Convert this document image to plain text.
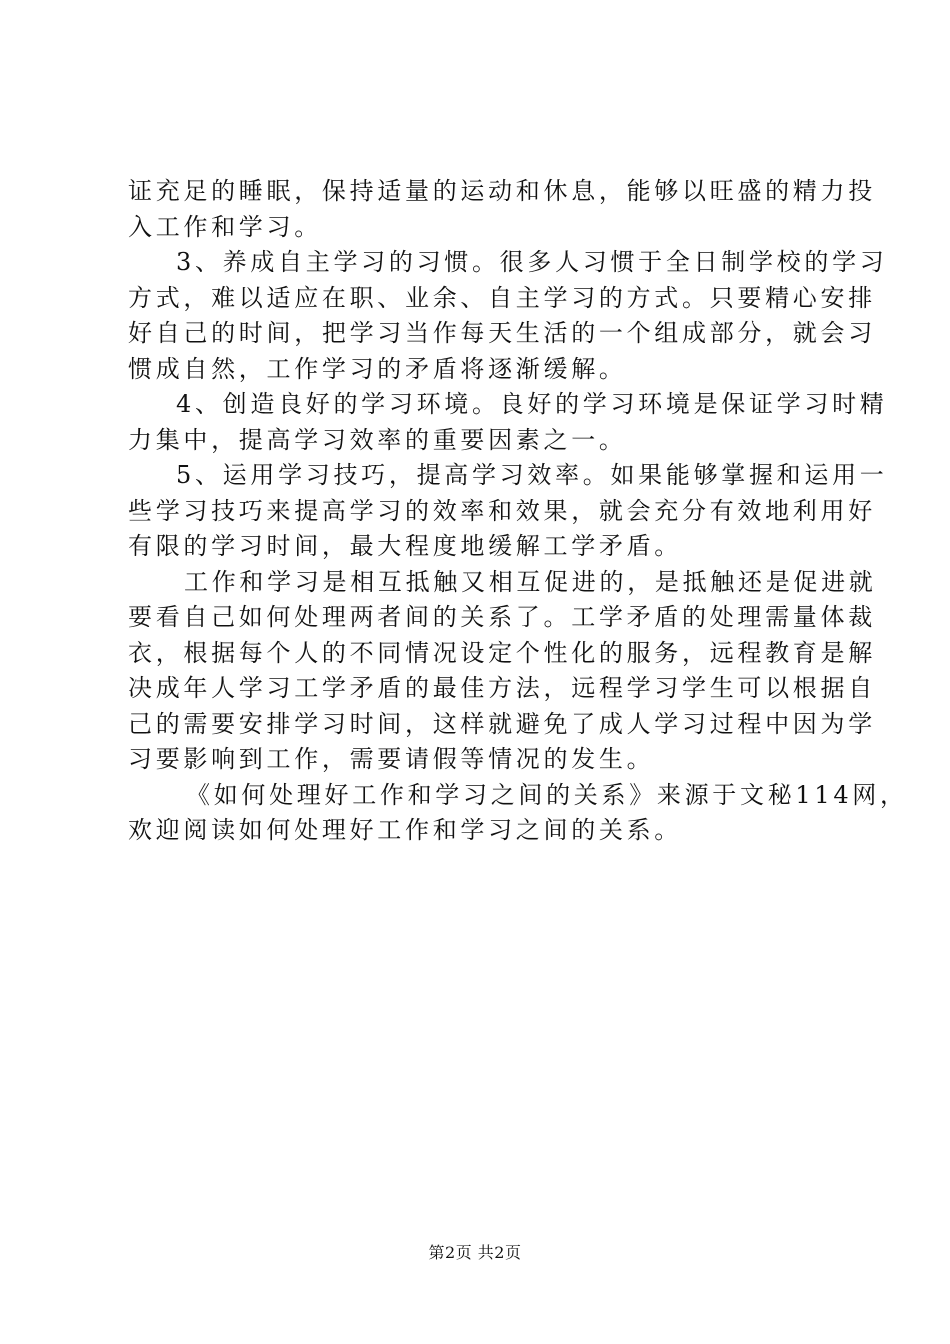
证充足的睡眠，保持适量的运动和休息，能够以旺盛的精力投
入工作和学习。
3、养成自主学习的习惯。很多人习惯于全日制学校的学习
方式，难以适应在职、业余、自主学习的方式。只要精心安排
好自己的时间，把学习当作每天生活的一个组成部分，就会习
惯成自然，工作学习的矛盾将逐渐缓解。
4、创造良好的学习环境。良好的学习环境是保证学习时精
力集中，提高学习效率的重要因素之一。
5、运用学习技巧，提高学习效率。如果能够掌握和运用一
些学习技巧来提高学习的效率和效果，就会充分有效地利用好
有限的学习时间，最大程度地缓解工学矛盾。
工作和学习是相互抵触又相互促进的，是抵触还是促进就
要看自己如何处理两者间的关系了。工学矛盾的处理需量体裁
衣，根据每个人的不同情况设定个性化的服务，远程教育是解
决成年人学习工学矛盾的最佳方法，远程学习学生可以根据自
己的需要安排学习时间，这样就避免了成人学习过程中因为学
习要影响到工作，需要请假等情况的发生。
《如何处理好工作和学习之间的关系》来源于文秘114网，
欢迎阅读如何处理好工作和学习之间的关系。
第2页 共2页
